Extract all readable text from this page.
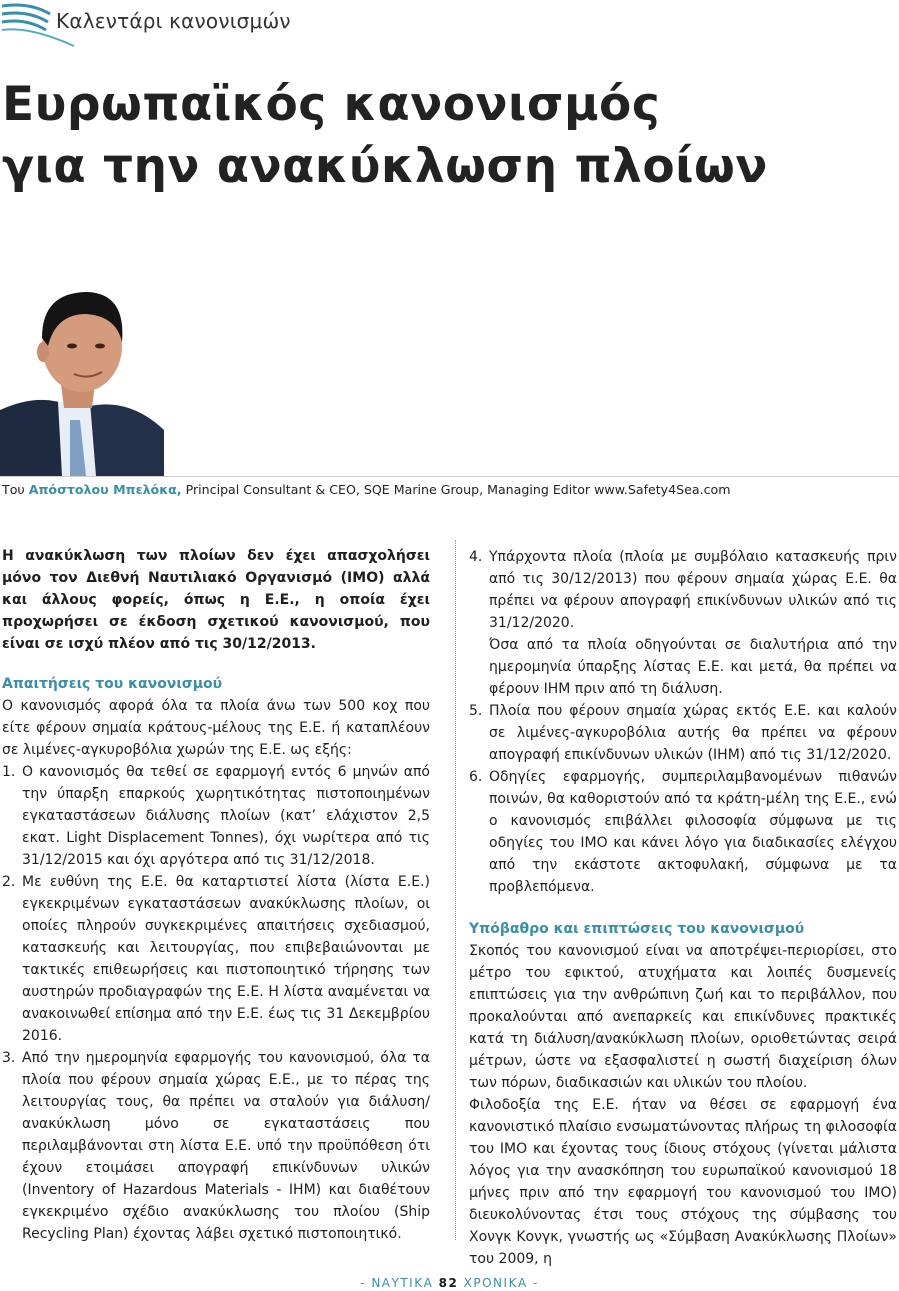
Καλεντάρι κανονισμών
Ευρωπαϊκός κανονισμός
για την ανακύκλωση πλοίων
Του Απόστολου Μπελόκα, Principal Consultant & CEO, SQE Marine Group, Managing Editor www.Safety4Sea.com

Η ανακύκλωση των πλοίων δεν έχει απασχολήσει μόνο τον Διεθνή Ναυτιλιακό Οργανισμό (IMO) αλλά και άλλους φορείς, όπως η Ε.Ε., η οποία έχει προχωρήσει σε έκδοση σχετικού κανονισμού, που είναι σε ισχύ πλέον από τις 30/12/2013.

Απαιτήσεις του κανονισμού

Ο κανονισμός αφορά όλα τα πλοία άνω των 500 κοχ που είτε φέρουν σημαία κράτους-μέλους της Ε.Ε. ή καταπλέουν σε λιμένες-αγκυροβόλια χωρών της Ε.Ε. ως εξής:

1. Ο κανονισμός θα τεθεί σε εφαρμογή εντός 6 μηνών από την ύπαρξη επαρκούς χωρητικότητας πιστοποιημένων εγκαταστάσεων διάλυσης πλοίων (κατ’ ελάχιστον 2,5 εκατ. Light Displacement Tonnes), όχι νωρίτερα από τις 31/12/2015 και όχι αργότερα από τις 31/12/2018.
2. Με ευθύνη της Ε.Ε. θα καταρτιστεί λίστα (λίστα Ε.Ε.) εγκεκριμένων εγκαταστάσεων ανακύκλωσης πλοίων, οι οποίες πληρούν συγκεκριμένες απαιτήσεις σχεδιασμού, κατασκευής και λειτουργίας, που επιβεβαιώνονται με τακτικές επιθεωρήσεις και πιστοποιητικό τήρησης των αυστηρών προδιαγραφών της Ε.Ε. Η λίστα αναμένεται να ανακοινωθεί επίσημα από την Ε.Ε. έως τις 31 Δεκεμβρίου 2016.
3. Από την ημερομηνία εφαρμογής του κανονισμού, όλα τα πλοία που φέρουν σημαία χώρας Ε.Ε., με το πέρας της λειτουργίας τους, θα πρέπει να σταλούν για διάλυση/ανακύκλωση μόνο σε εγκαταστάσεις που περιλαμβάνονται στη λίστα Ε.Ε. υπό την προϋπόθεση ότι έχουν ετοιμάσει απογραφή επικίνδυνων υλικών (Inventory of Hazardous Materials - IHM) και διαθέτουν εγκεκριμένο σχέδιο ανακύκλωσης του πλοίου (Ship Recycling Plan) έχοντας λάβει σχετικό πιστοποιητικό.
4. Υπάρχοντα πλοία (πλοία με συμβόλαιο κατασκευής πριν από τις 30/12/2013) που φέρουν σημαία χώρας Ε.Ε. θα πρέπει να φέρουν απογραφή επικίνδυνων υλικών από τις 31/12/2020.

Όσα από τα πλοία οδηγούνται σε διαλυτήρια από την ημερομηνία ύπαρξης λίστας Ε.Ε. και μετά, θα πρέπει να φέρουν IHM πριν από τη διάλυση.

5. Πλοία που φέρουν σημαία χώρας εκτός Ε.Ε. και καλούν σε λιμένες-αγκυροβόλια αυτής θα πρέπει να φέρουν απογραφή επικίνδυνων υλικών (IHM) από τις 31/12/2020.
6. Οδηγίες εφαρμογής, συμπεριλαμβανομένων πιθανών ποινών, θα καθοριστούν από τα κράτη-μέλη της Ε.Ε., ενώ ο κανονισμός επιβάλλει φιλοσοφία σύμφωνα με τις οδηγίες του IMO και κάνει λόγο για διαδικασίες ελέγχου από την εκάστοτε ακτοφυλακή, σύμφωνα με τα προβλεπόμενα.

Υπόβαθρο και επιπτώσεις του κανονισμού

Σκοπός του κανονισμού είναι να αποτρέψει-περιορίσει, στο μέτρο του εφικτού, ατυχήματα και λοιπές δυσμενείς επιπτώσεις για την ανθρώπινη ζωή και το περιβάλλον, που προκαλούνται από ανεπαρκείς και επικίνδυνες πρακτικές κατά τη διάλυση/ανακύκλωση πλοίων, οριοθετώντας σειρά μέτρων, ώστε να εξασφαλιστεί η σωστή διαχείριση όλων των πόρων, διαδικασιών και υλικών του πλοίου.

Φιλοδοξία της Ε.Ε. ήταν να θέσει σε εφαρμογή ένα κανονιστικό πλαίσιο ενσωματώνοντας πλήρως τη φιλοσοφία του IMO και έχοντας τους ίδιους στόχους (γίνεται μάλιστα λόγος για την ανασκόπηση του ευρωπαϊκού κανονισμού 18 μήνες πριν από την εφαρμογή του κανονισμού του IMO) διευκολύνοντας έτσι τους στόχους της σύμβασης του Χονγκ Κονγκ, γνωστής ως «Σύμβαση Ανακύκλωσης Πλοίων» του 2009, η

- ΝΑΥΤΙΚΑ 82 ΧΡΟΝΙΚΑ -
